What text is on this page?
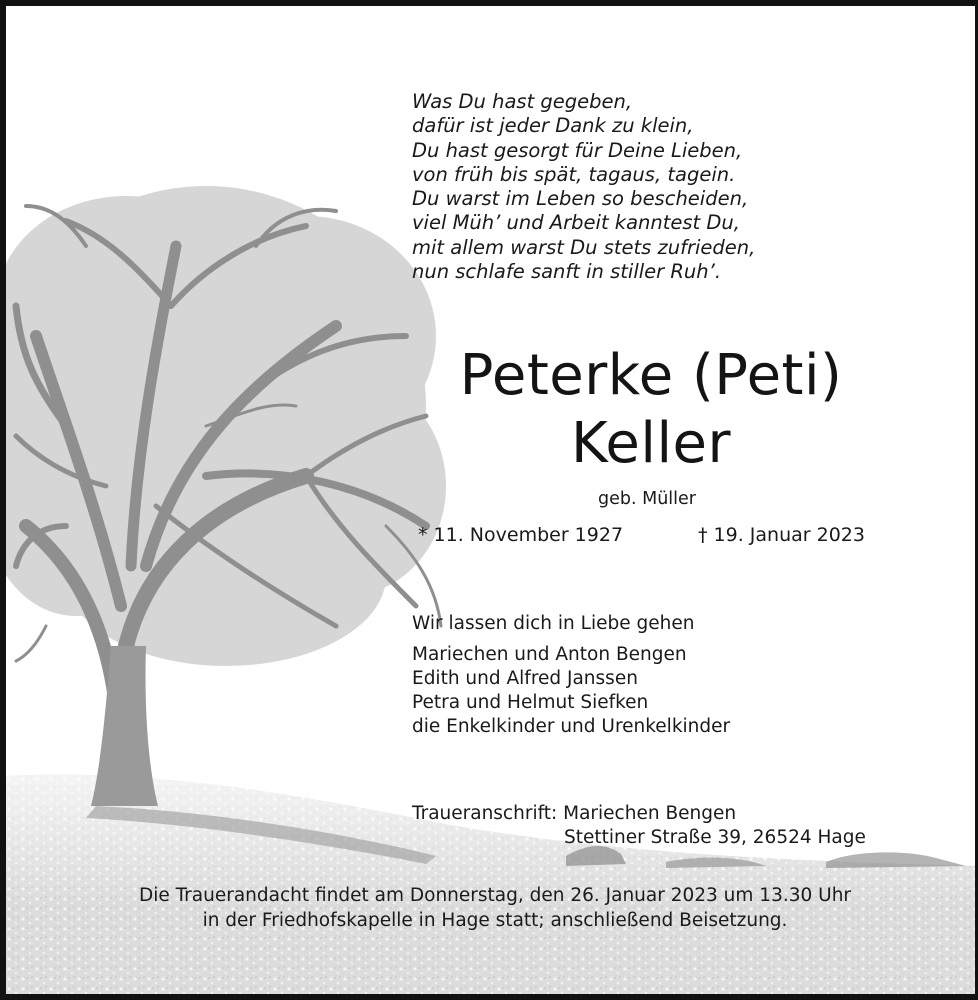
Was Du hast gegeben,
dafür ist jeder Dank zu klein,
Du hast gesorgt für Deine Lieben,
von früh bis spät, tagaus, tagein.
Du warst im Leben so bescheiden,
viel Müh’ und Arbeit kanntest Du,
mit allem warst Du stets zufrieden,
nun schlafe sanft in stiller Ruh’.
Peterke (Peti)
Keller
geb. Müller
* 11. November 1927	† 19. Januar 2023
Wir lassen dich in Liebe gehen
Mariechen und Anton Bengen
Edith und Alfred Janssen
Petra und Helmut Siefken
die Enkelkinder und Urenkelkinder
Traueranschrift: Mariechen Bengen
Stettiner Straße 39, 26524 Hage
Die Trauerandacht findet am Donnerstag, den 26. Januar 2023 um 13.30 Uhr
in der Friedhofskapelle in Hage statt; anschließend Beisetzung.
